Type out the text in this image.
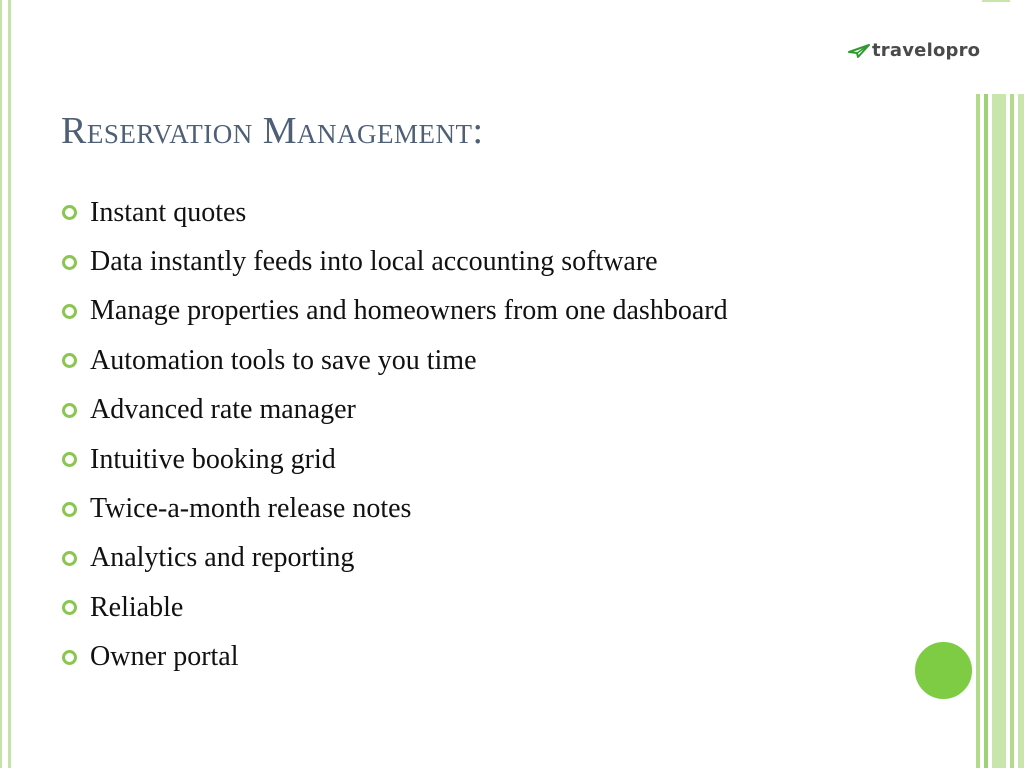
travelopro
Reservation Management:
Instant quotes
Data instantly feeds into local accounting software
Manage properties and homeowners from one dashboard
Automation tools to save you time
Advanced rate manager
Intuitive booking grid
Twice-a-month release notes
Analytics and reporting
Reliable
Owner portal
